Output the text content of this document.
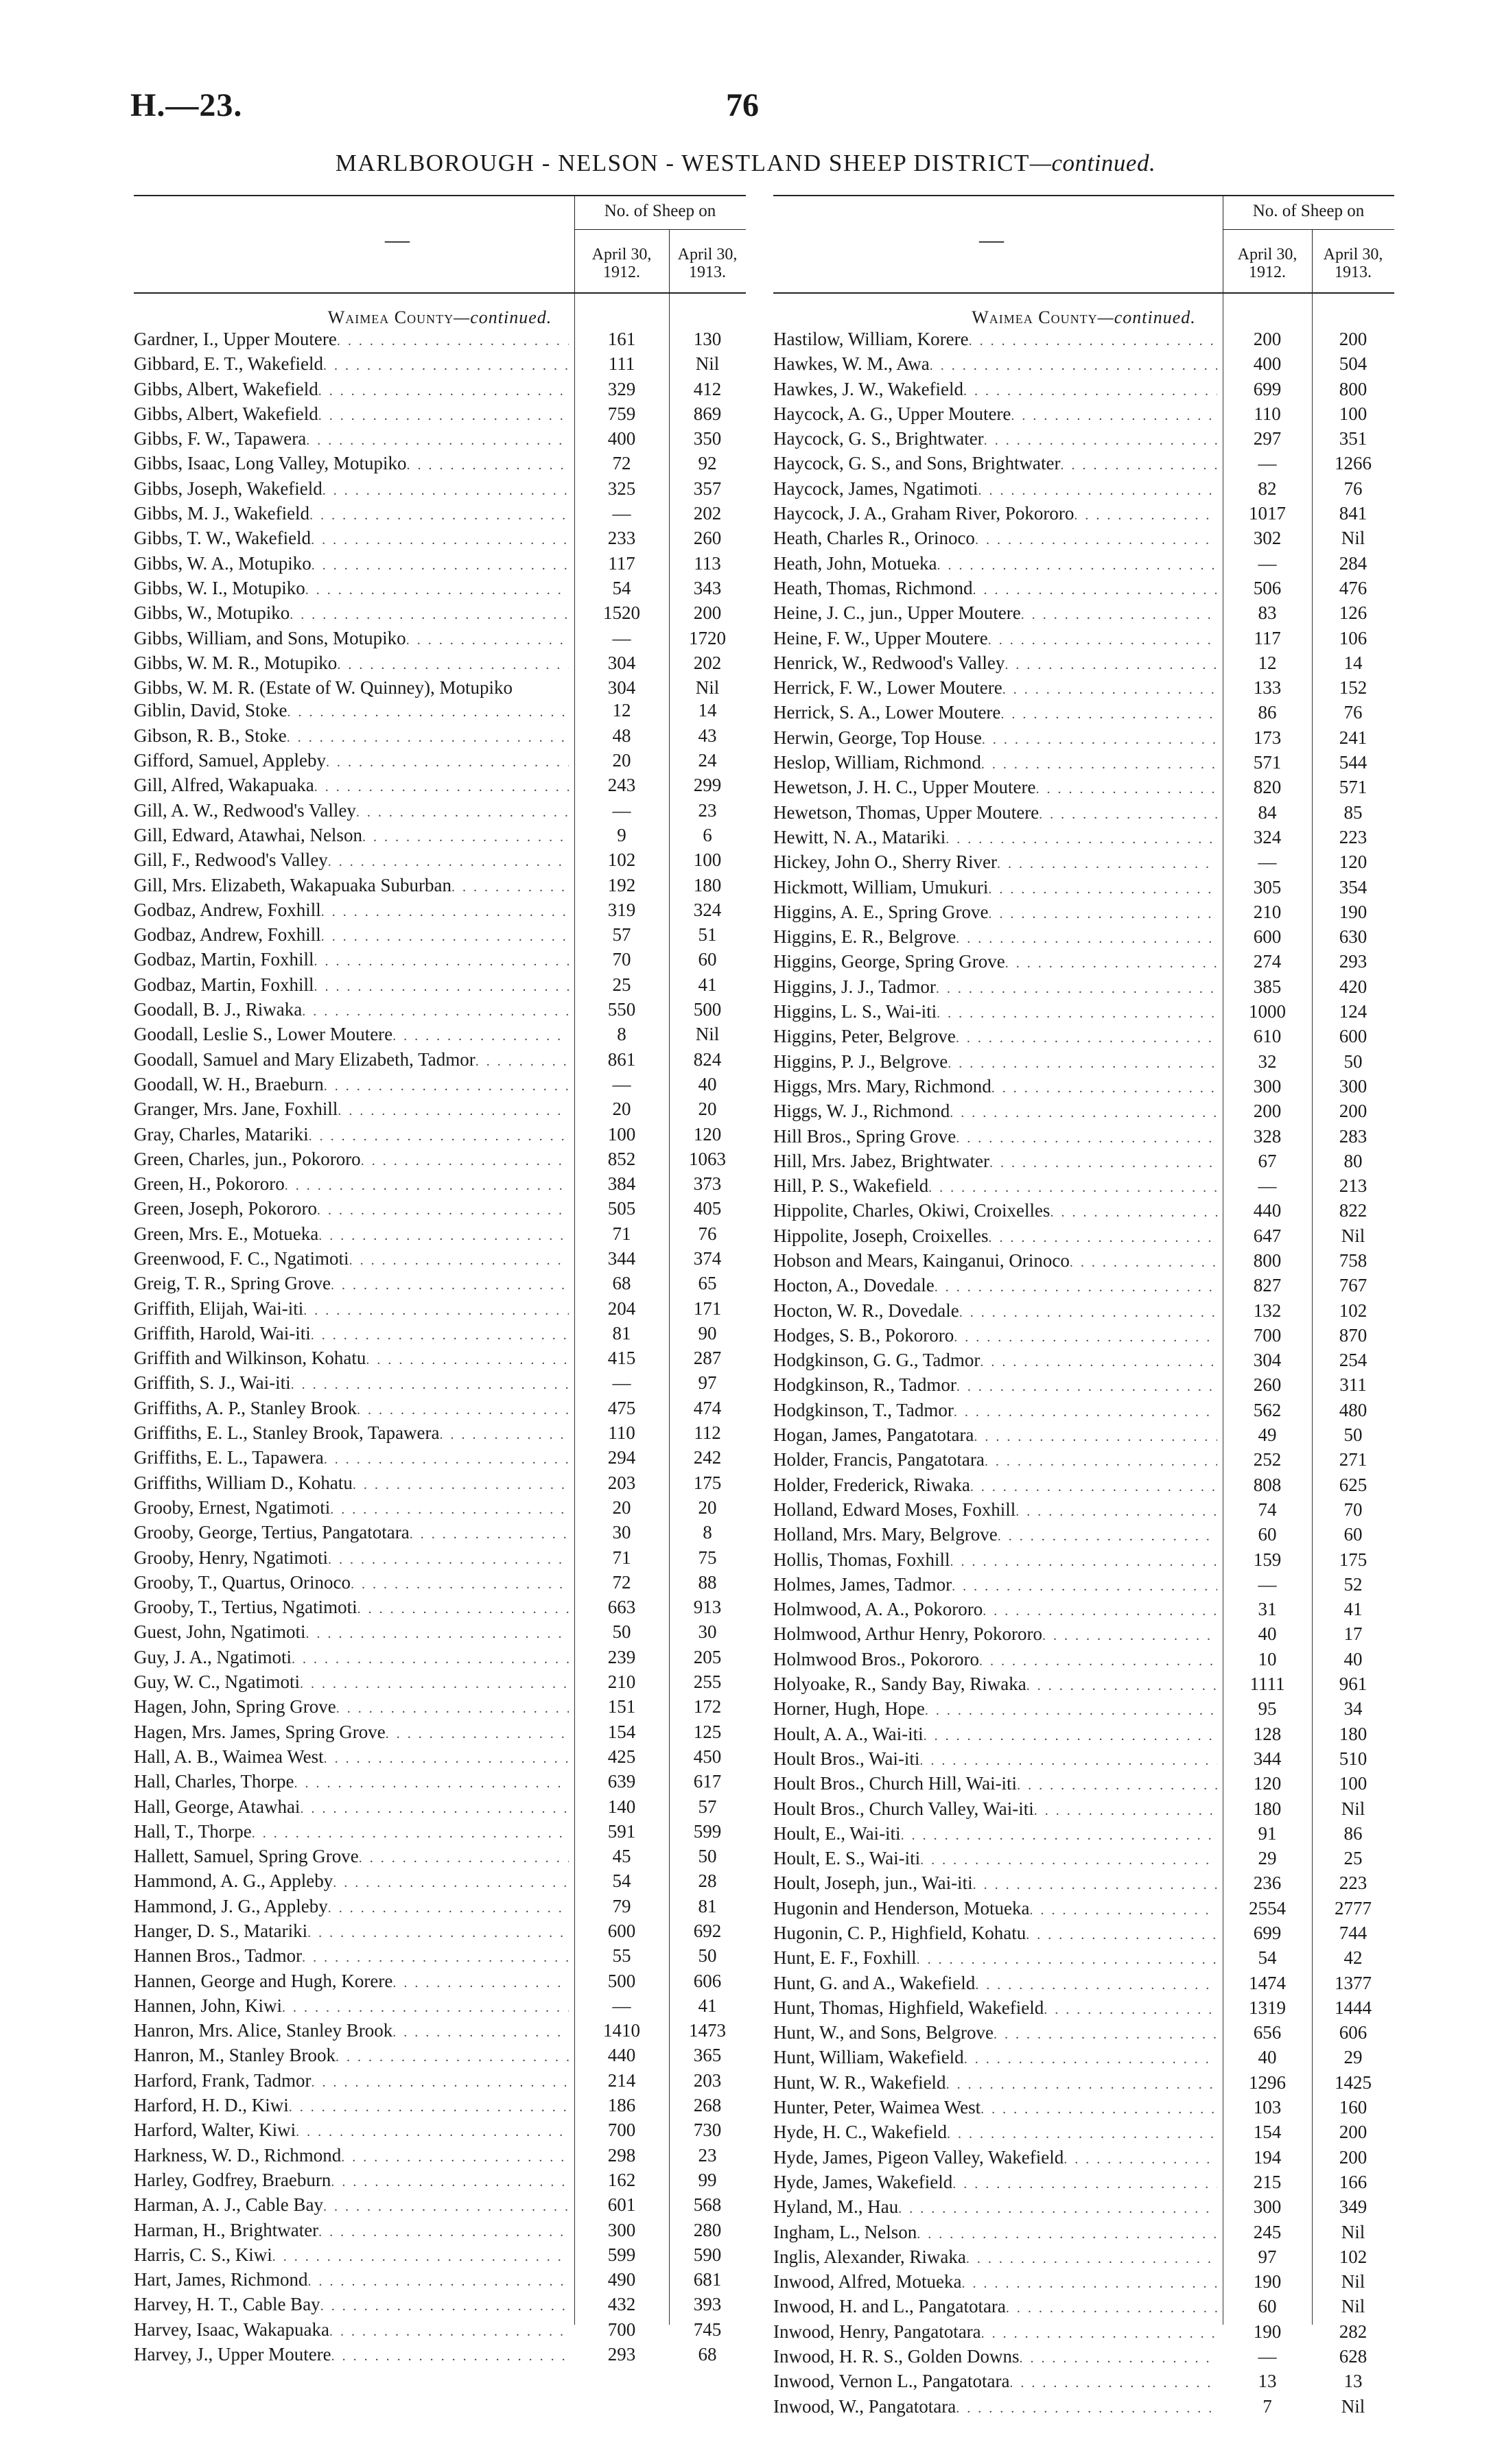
H.—23.	76
MARLBOROUGH - NELSON - WESTLAND SHEEP DISTRICT—continued.
—
No. of Sheep on
April 30, 1912.
April 30, 1913.
Waimea County—continued.
Gardner, I., Upper Moutere . . .	161	130
Gibbard, E. T., Wakefield . . .	111	Nil
Gibbs, Albert, Wakefield . . .	329	412
Gibbs, Albert, Wakefield . . .	759	869
Gibbs, F. W., Tapawera . . .	400	350
Gibbs, Isaac, Long Valley, Motupiko . . .	72	92
Gibbs, Joseph, Wakefield . . .	325	357
Gibbs, M. J., Wakefield . . .	—	202
Gibbs, T. W., Wakefield . . .	233	260
Gibbs, W. A., Motupiko . . .	117	113
Gibbs, W. I., Motupiko . . .	54	343
Gibbs, W., Motupiko . . .	1520	200
Gibbs, William, and Sons, Motupiko . . .	—	1720
Gibbs, W. M. R., Motupiko . . .	304	202
Gibbs, W. M. R. (Estate of W. Quinney), Motupiko	304	Nil
Giblin, David, Stoke . . .	12	14
Gibson, R. B., Stoke . . .	48	43
Gifford, Samuel, Appleby . . .	20	24
Gill, Alfred, Wakapuaka . . .	243	299
Gill, A. W., Redwood's Valley . . .	—	23
Gill, Edward, Atawhai, Nelson . . .	9	6
Gill, F., Redwood's Valley . . .	102	100
Gill, Mrs. Elizabeth, Wakapuaka Suburban . . .	192	180
Godbaz, Andrew, Foxhill . . .	319	324
Godbaz, Andrew, Foxhill . . .	57	51
Godbaz, Martin, Foxhill . . .	70	60
Godbaz, Martin, Foxhill . . .	25	41
Goodall, B. J., Riwaka . . .	550	500
Goodall, Leslie S., Lower Moutere . . .	8	Nil
Goodall, Samuel and Mary Elizabeth, Tadmor . . .	861	824
Goodall, W. H., Braeburn . . .	—	40
Granger, Mrs. Jane, Foxhill . . .	20	20
Gray, Charles, Matariki . . .	100	120
Green, Charles, jun., Pokororo . . .	852	1063
Green, H., Pokororo . . .	384	373
Green, Joseph, Pokororo . . .	505	405
Green, Mrs. E., Motueka . . .	71	76
Greenwood, F. C., Ngatimoti . . .	344	374
Greig, T. R., Spring Grove . . .	68	65
Griffith, Elijah, Wai-iti . . .	204	171
Griffith, Harold, Wai-iti . . .	81	90
Griffith and Wilkinson, Kohatu . . .	415	287
Griffith, S. J., Wai-iti . . .	—	97
Griffiths, A. P., Stanley Brook . . .	475	474
Griffiths, E. L., Stanley Brook, Tapawera . . .	110	112
Griffiths, E. L., Tapawera . . .	294	242
Griffiths, William D., Kohatu . . .	203	175
Grooby, Ernest, Ngatimoti . . .	20	20
Grooby, George, Tertius, Pangatotara . . .	30	8
Grooby, Henry, Ngatimoti . . .	71	75
Grooby, T., Quartus, Orinoco . . .	72	88
Grooby, T., Tertius, Ngatimoti . . .	663	913
Guest, John, Ngatimoti . . .	50	30
Guy, J. A., Ngatimoti . . .	239	205
Guy, W. C., Ngatimoti . . .	210	255
Hagen, John, Spring Grove . . .	151	172
Hagen, Mrs. James, Spring Grove . . .	154	125
Hall, A. B., Waimea West . . .	425	450
Hall, Charles, Thorpe . . .	639	617
Hall, George, Atawhai . . .	140	57
Hall, T., Thorpe . . .	591	599
Hallett, Samuel, Spring Grove . . .	45	50
Hammond, A. G., Appleby . . .	54	28
Hammond, J. G., Appleby . . .	79	81
Hanger, D. S., Matariki . . .	600	692
Hannen Bros., Tadmor . . .	55	50
Hannen, George and Hugh, Korere . . .	500	606
Hannen, John, Kiwi . . .	—	41
Hanron, Mrs. Alice, Stanley Brook . . .	1410	1473
Hanron, M., Stanley Brook . . .	440	365
Harford, Frank, Tadmor . . .	214	203
Harford, H. D., Kiwi . . .	186	268
Harford, Walter, Kiwi . . .	700	730
Harkness, W. D., Richmond . . .	298	23
Harley, Godfrey, Braeburn . . .	162	99
Harman, A. J., Cable Bay . . .	601	568
Harman, H., Brightwater . . .	300	280
Harris, C. S., Kiwi . . .	599	590
Hart, James, Richmond . . .	490	681
Harvey, H. T., Cable Bay . . .	432	393
Harvey, Isaac, Wakapuaka . . .	700	745
Harvey, J., Upper Moutere . . .	293	68
—
No. of Sheep on
April 30, 1912.
April 30, 1913.
Waimea County—continued.
Hastilow, William, Korere . . .	200	200
Hawkes, W. M., Awa . . .	400	504
Hawkes, J. W., Wakefield . . .	699	800
Haycock, A. G., Upper Moutere . . .	110	100
Haycock, G. S., Brightwater . . .	297	351
Haycock, G. S., and Sons, Brightwater . . .	—	1266
Haycock, James, Ngatimoti . . .	82	76
Haycock, J. A., Graham River, Pokororo . . .	1017	841
Heath, Charles R., Orinoco . . .	302	Nil
Heath, John, Motueka . . .	—	284
Heath, Thomas, Richmond . . .	506	476
Heine, J. C., jun., Upper Moutere . . .	83	126
Heine, F. W., Upper Moutere . . .	117	106
Henrick, W., Redwood's Valley . . .	12	14
Herrick, F. W., Lower Moutere . . .	133	152
Herrick, S. A., Lower Moutere . . .	86	76
Herwin, George, Top House . . .	173	241
Heslop, William, Richmond . . .	571	544
Hewetson, J. H. C., Upper Moutere . . .	820	571
Hewetson, Thomas, Upper Moutere . . .	84	85
Hewitt, N. A., Matariki . . .	324	223
Hickey, John O., Sherry River . . .	—	120
Hickmott, William, Umukuri . . .	305	354
Higgins, A. E., Spring Grove . . .	210	190
Higgins, E. R., Belgrove . . .	600	630
Higgins, George, Spring Grove . . .	274	293
Higgins, J. J., Tadmor . . .	385	420
Higgins, L. S., Wai-iti . . .	1000	124
Higgins, Peter, Belgrove . . .	610	600
Higgins, P. J., Belgrove . . .	32	50
Higgs, Mrs. Mary, Richmond . . .	300	300
Higgs, W. J., Richmond . . .	200	200
Hill Bros., Spring Grove . . .	328	283
Hill, Mrs. Jabez, Brightwater . . .	67	80
Hill, P. S., Wakefield . . .	—	213
Hippolite, Charles, Okiwi, Croixelles . . .	440	822
Hippolite, Joseph, Croixelles . . .	647	Nil
Hobson and Mears, Kainganui, Orinoco . . .	800	758
Hocton, A., Dovedale . . .	827	767
Hocton, W. R., Dovedale . . .	132	102
Hodges, S. B., Pokororo . . .	700	870
Hodgkinson, G. G., Tadmor . . .	304	254
Hodgkinson, R., Tadmor . . .	260	311
Hodgkinson, T., Tadmor . . .	562	480
Hogan, James, Pangatotara . . .	49	50
Holder, Francis, Pangatotara . . .	252	271
Holder, Frederick, Riwaka . . .	808	625
Holland, Edward Moses, Foxhill . . .	74	70
Holland, Mrs. Mary, Belgrove . . .	60	60
Hollis, Thomas, Foxhill . . .	159	175
Holmes, James, Tadmor . . .	—	52
Holmwood, A. A., Pokororo . . .	31	41
Holmwood, Arthur Henry, Pokororo . . .	40	17
Holmwood Bros., Pokororo . . .	10	40
Holyoake, R., Sandy Bay, Riwaka . . .	1111	961
Horner, Hugh, Hope . . .	95	34
Hoult, A. A., Wai-iti . . .	128	180
Hoult Bros., Wai-iti . . .	344	510
Hoult Bros., Church Hill, Wai-iti . . .	120	100
Hoult Bros., Church Valley, Wai-iti . . .	180	Nil
Hoult, E., Wai-iti . . .	91	86
Hoult, E. S., Wai-iti . . .	29	25
Hoult, Joseph, jun., Wai-iti . . .	236	223
Hugonin and Henderson, Motueka . . .	2554	2777
Hugonin, C. P., Highfield, Kohatu . . .	699	744
Hunt, E. F., Foxhill . . .	54	42
Hunt, G. and A., Wakefield . . .	1474	1377
Hunt, Thomas, Highfield, Wakefield . . .	1319	1444
Hunt, W., and Sons, Belgrove . . .	656	606
Hunt, William, Wakefield . . .	40	29
Hunt, W. R., Wakefield . . .	1296	1425
Hunter, Peter, Waimea West . . .	103	160
Hyde, H. C., Wakefield . . .	154	200
Hyde, James, Pigeon Valley, Wakefield . . .	194	200
Hyde, James, Wakefield . . .	215	166
Hyland, M., Hau . . .	300	349
Ingham, L., Nelson . . .	245	Nil
Inglis, Alexander, Riwaka . . .	97	102
Inwood, Alfred, Motueka . . .	190	Nil
Inwood, H. and L., Pangatotara . . .	60	Nil
Inwood, Henry, Pangatotara . . .	190	282
Inwood, H. R. S., Golden Downs . . .	—	628
Inwood, Vernon L., Pangatotara . . .	13	13
Inwood, W., Pangatotara . . .	7	Nil
